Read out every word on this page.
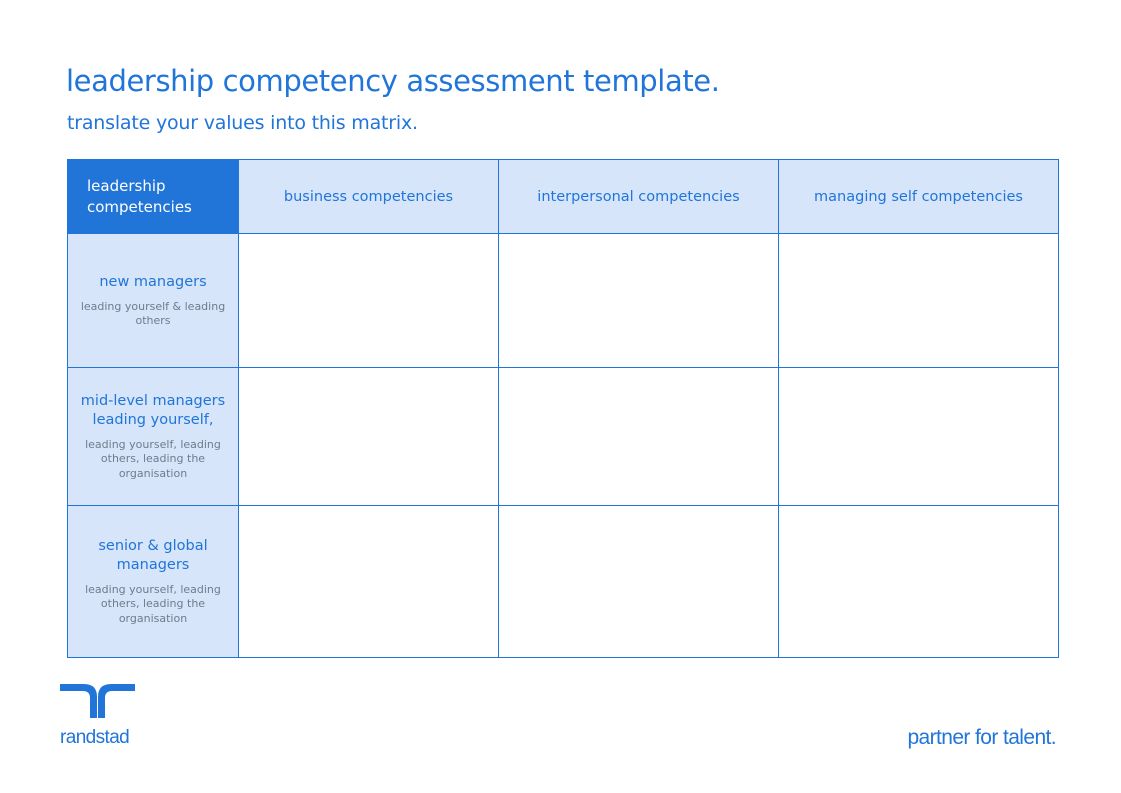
leadership competency assessment template.
translate your values into this matrix.
leadership competencies	business competencies	interpersonal competencies	managing self competencies

new managers
leading yourself & leading others			

mid-level managers leading yourself,
leading yourself, leading others, leading the organisation			

senior & global managers
leading yourself, leading others, leading the organisation			

randstad	partner for talent.
